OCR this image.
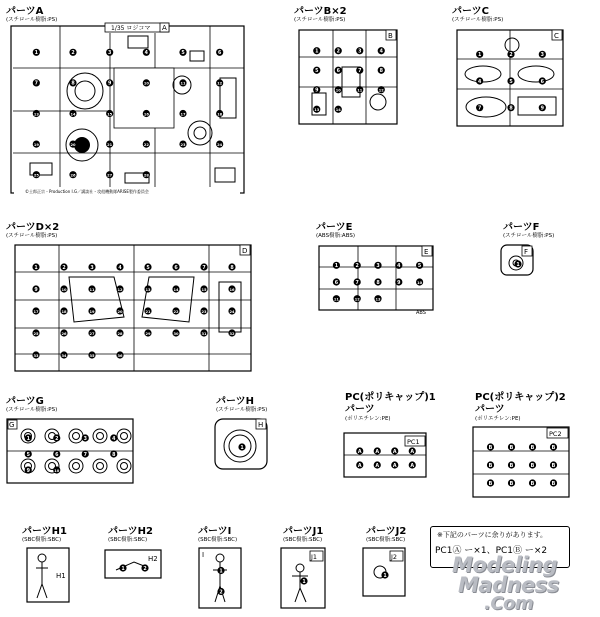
パーツA
(スチロール樹脂:PS)
1/35 ロジコマ A
©土郎正宗・Production I.G／講談社・攻殻機動隊ARISE製作委員会
1	2	3	4	5	6
7	8	9	10	11	12
13	14	15	16	17	18
19	20	21	22	23	24
25	26	27	28
パーツB×2
(スチロール樹脂:PS)
B
1	2	3	4
5	6	7	8
9	10	11	12
13	14
パーツC
(スチロール樹脂:PS)
C
1	2	3
4	5	6
7	8	9
パーツD×2
(スチロール樹脂:PS)
D
1	2	3	4	5	6	7	8
9	10	11	12	13	14	15	16
17	18	19	20	21	22	23	24
25	26	27	28	29	30	31	32
33	34	35	36
パーツE
(ABS樹脂:ABS)
E
ABS
1	2	3	4	5
6	7	8	9	10
11	12	13
パーツF
(スチロール樹脂:PS)
F
1
パーツG
(スチロール樹脂:PS)
G
1	2	3	4
5	6	7	8
9	10
パーツH
(スチロール樹脂:PS)
H
1
PC(ポリキャップ)1
パーツ
(ポリエチレン:PE)
PC1
A	A	A	A
A	A	A	A
PC(ポリキャップ)2
パーツ
(ポリエチレン:PE)
PC2
B	B	B	B
B	B	B	B
B	B	B	B
パーツH1
(SBC樹脂:SBC)
H1
パーツH2
(SBC樹脂:SBC)
H2
1	2
パーツI
(SBC樹脂:SBC)
I
1
2
パーツJ1
(SBC樹脂:SBC)
J1
1
パーツJ2
(SBC樹脂:SBC)
J2
1
※下記のパーツに余りがあります。
PC1Ⓐ ー×1、PC1Ⓑ ー×2
Modeling
Madness
.Com
